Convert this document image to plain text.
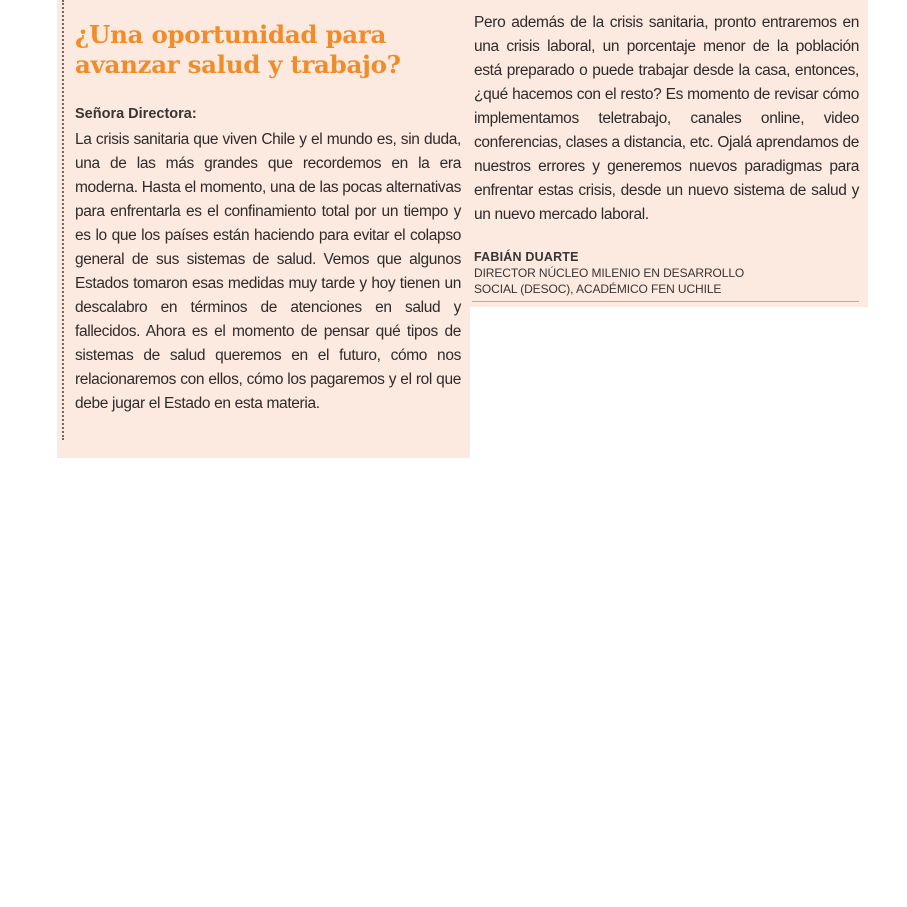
¿Una oportunidad para avanzar salud y trabajo?

Señora Directora:

La crisis sanitaria que viven Chile y el mundo es, sin duda, una de las más grandes que recordemos en la era moderna. Hasta el momento, una de las pocas alternativas para enfrentarla es el confinamiento total por un tiempo y es lo que los países están haciendo para evitar el colapso general de sus sistemas de salud. Vemos que algunos Estados tomaron esas medidas muy tarde y hoy tienen un descalabro en términos de atenciones en salud y fallecidos. Ahora es el momento de pensar qué tipos de sistemas de salud queremos en el futuro, cómo nos relacionaremos con ellos, cómo los pagaremos y el rol que debe jugar el Estado en esta materia.

Pero además de la crisis sanitaria, pronto entraremos en una crisis laboral, un porcentaje menor de la población está preparado o puede trabajar desde la casa, entonces, ¿qué hacemos con el resto? Es momento de revisar cómo implementamos teletrabajo, canales online, video conferencias, clases a distancia, etc. Ojalá aprendamos de nuestros errores y generemos nuevos paradigmas para enfrentar estas crisis, desde un nuevo sistema de salud y un nuevo mercado laboral.

FABIÁN DUARTE

DIRECTOR NÚCLEO MILENIO EN DESARROLLO
SOCIAL (DESOC), ACADÉMICO FEN UCHILE
